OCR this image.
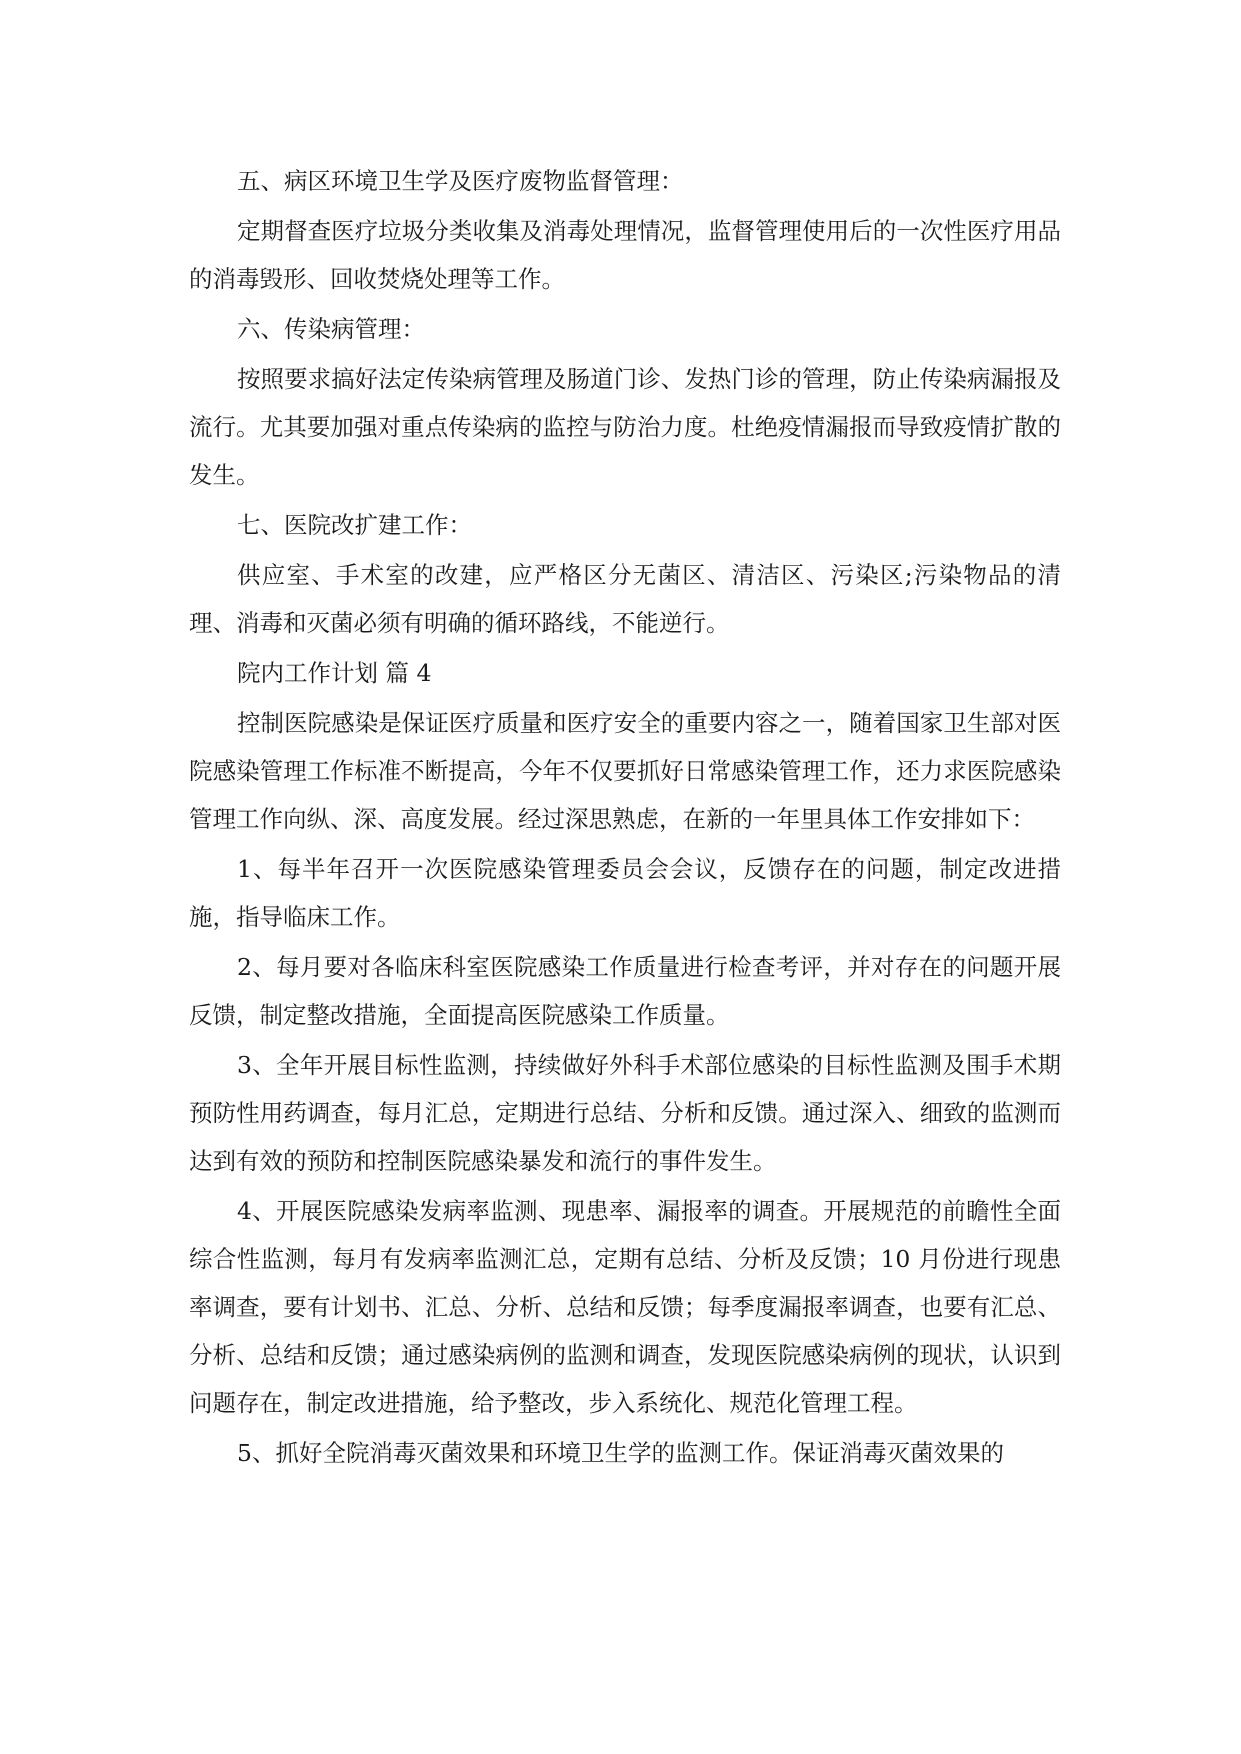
五、病区环境卫生学及医疗废物监督管理：

定期督查医疗垃圾分类收集及消毒处理情况，监督管理使用后的一次性医疗用品的消毒毁形、回收焚烧处理等工作。

六、传染病管理：

按照要求搞好法定传染病管理及肠道门诊、发热门诊的管理，防止传染病漏报及流行。尤其要加强对重点传染病的监控与防治力度。杜绝疫情漏报而导致疫情扩散的发生。

七、医院改扩建工作：

供应室、手术室的改建，应严格区分无菌区、清洁区、污染区;污染物品的清理、消毒和灭菌必须有明确的循环路线，不能逆行。

院内工作计划 篇 4

控制医院感染是保证医疗质量和医疗安全的重要内容之一，随着国家卫生部对医院感染管理工作标准不断提高，今年不仅要抓好日常感染管理工作，还力求医院感染管理工作向纵、深、高度发展。经过深思熟虑，在新的一年里具体工作安排如下：

1、每半年召开一次医院感染管理委员会会议，反馈存在的问题，制定改进措施，指导临床工作。

2、每月要对各临床科室医院感染工作质量进行检查考评，并对存在的问题开展反馈，制定整改措施，全面提高医院感染工作质量。

3、全年开展目标性监测，持续做好外科手术部位感染的目标性监测及围手术期预防性用药调查，每月汇总，定期进行总结、分析和反馈。通过深入、细致的监测而达到有效的预防和控制医院感染暴发和流行的事件发生。

4、开展医院感染发病率监测、现患率、漏报率的调查。开展规范的前瞻性全面综合性监测，每月有发病率监测汇总，定期有总结、分析及反馈；10 月份进行现患率调查，要有计划书、汇总、分析、总结和反馈；每季度漏报率调查，也要有汇总、分析、总结和反馈；通过感染病例的监测和调查，发现医院感染病例的现状，认识到问题存在，制定改进措施，给予整改，步入系统化、规范化管理工程。

5、抓好全院消毒灭菌效果和环境卫生学的监测工作。保证消毒灭菌效果的
